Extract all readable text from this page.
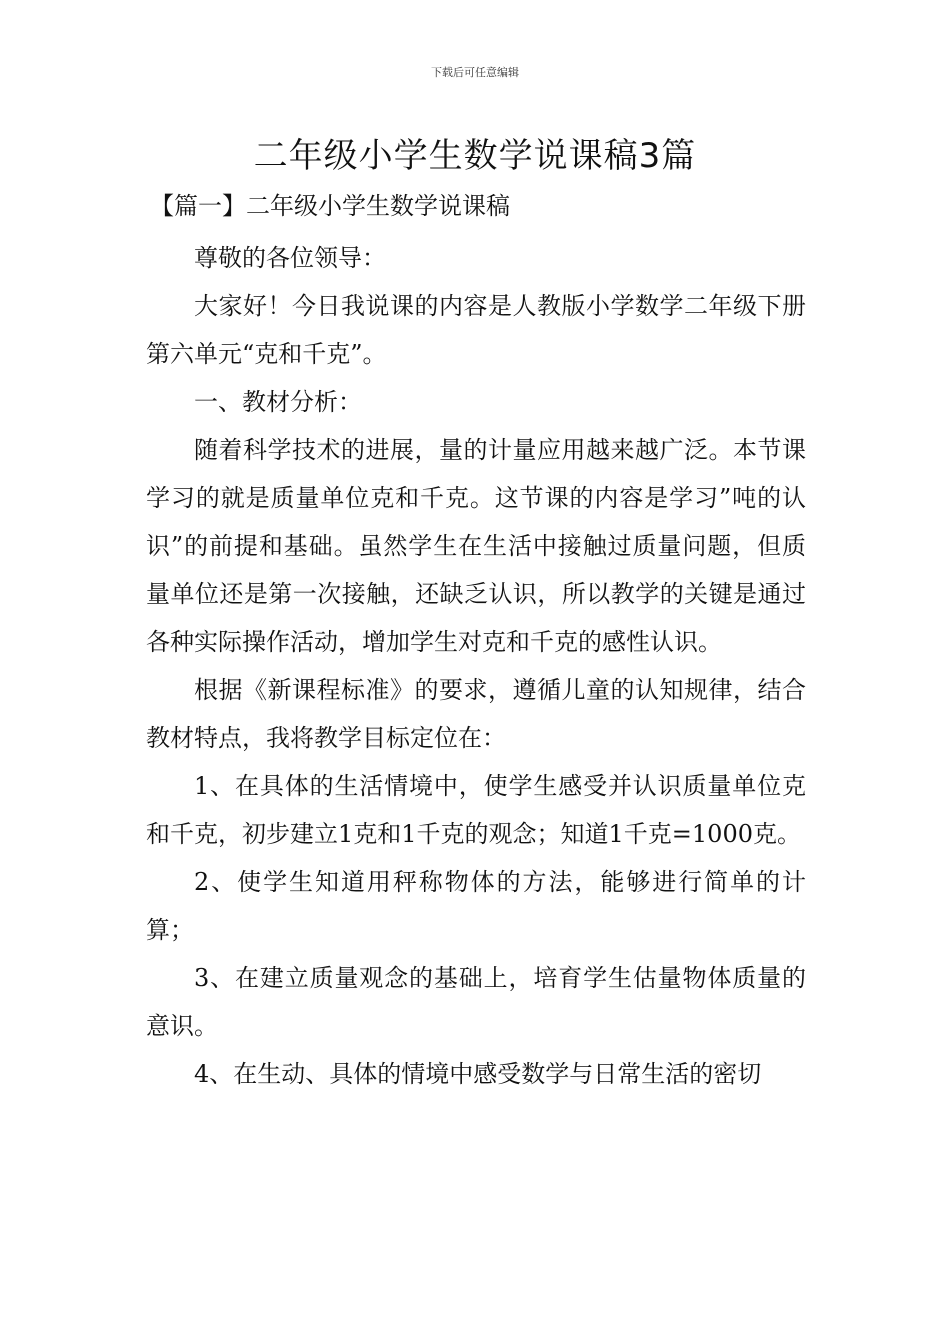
下载后可任意编辑
二年级小学生数学说课稿3篇
【篇一】二年级小学生数学说课稿

尊敬的各位领导：

大家好！今日我说课的内容是人教版小学数学二年级下册第六单元“克和千克”。

一、教材分析：

随着科学技术的进展，量的计量应用越来越广泛。本节课学习的就是质量单位克和千克。这节课的内容是学习”吨的认识”的前提和基础。虽然学生在生活中接触过质量问题，但质量单位还是第一次接触，还缺乏认识，所以教学的关键是通过各种实际操作活动，增加学生对克和千克的感性认识。

根据《新课程标准》的要求，遵循儿童的认知规律，结合教材特点，我将教学目标定位在：

1、在具体的生活情境中，使学生感受并认识质量单位克和千克，初步建立1克和1千克的观念；知道1千克=1000克。

2、使学生知道用秤称物体的方法，能够进行简单的计算；

3、在建立质量观念的基础上，培育学生估量物体质量的意识。

4、在生动、具体的情境中感受数学与日常生活的密切
